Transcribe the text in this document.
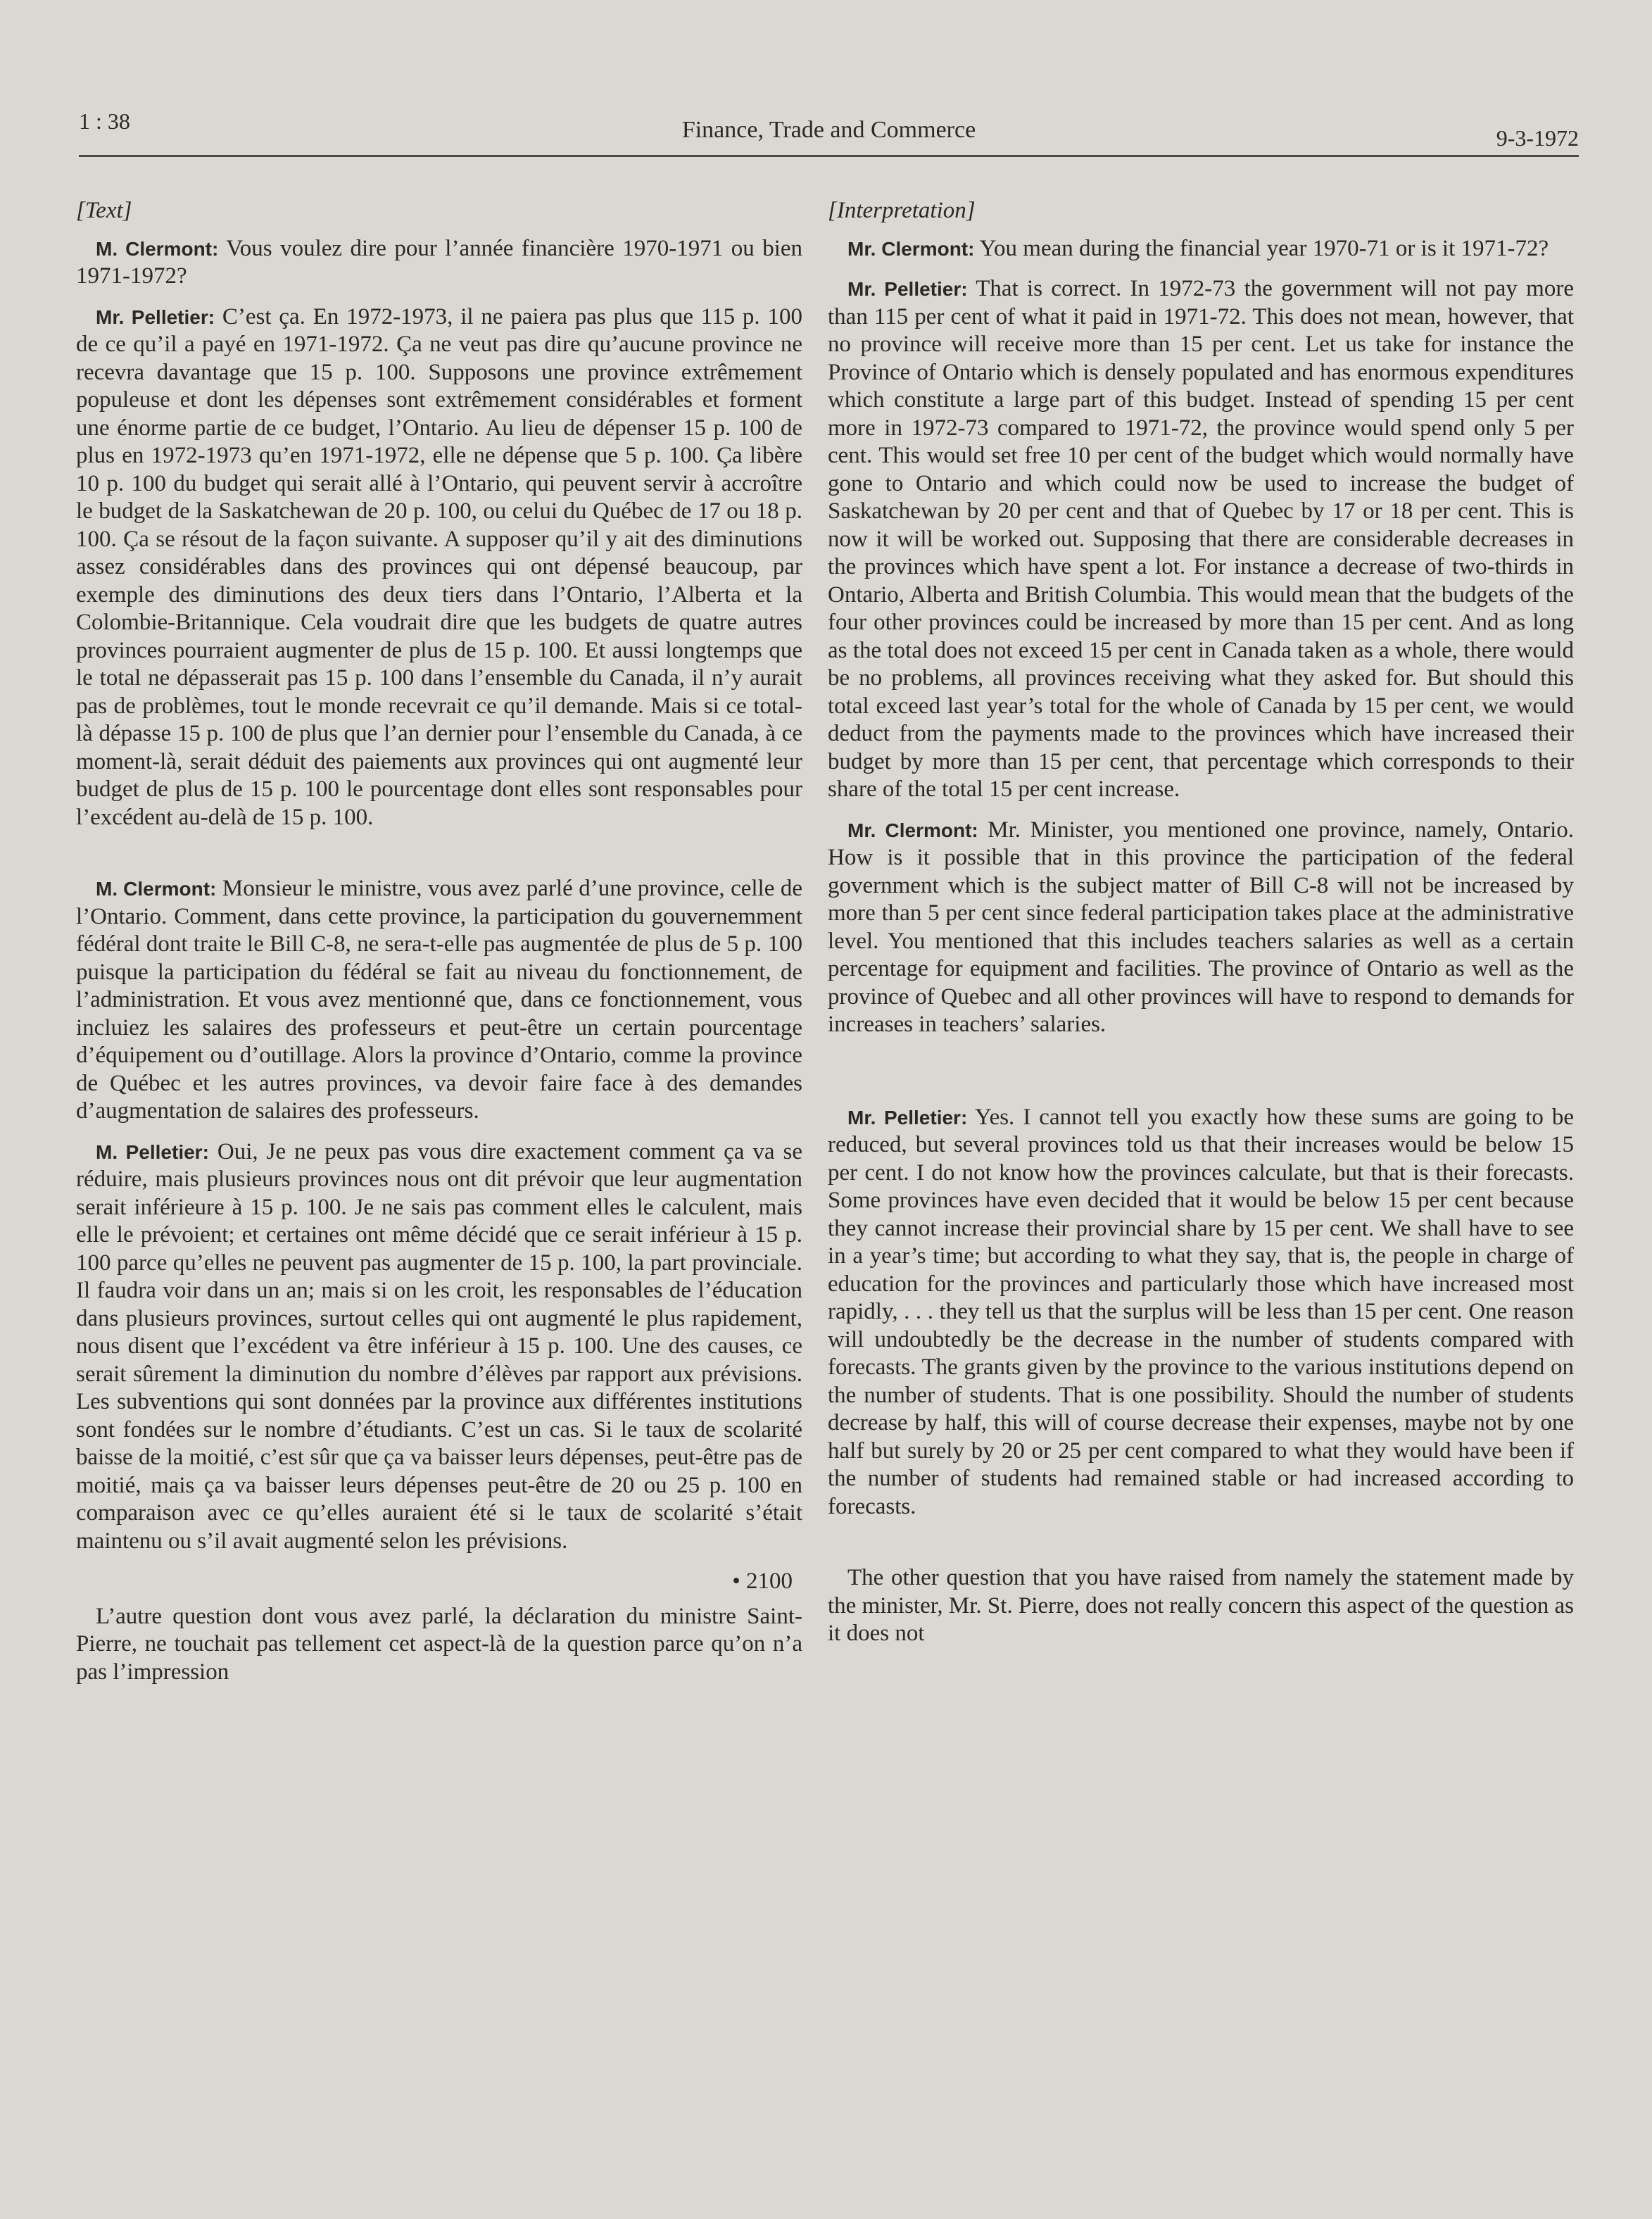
1 : 38	Finance, Trade and Commerce	9-3-1972
[Text]

M. Clermont: Vous voulez dire pour l’année financière 1970-1971 ou bien 1971-1972?

Mr. Pelletier: C’est ça. En 1972-1973, il ne paiera pas plus que 115 p. 100 de ce qu’il a payé en 1971-1972. Ça ne veut pas dire qu’aucune province ne recevra davantage que 15 p. 100. Supposons une province extrêmement populeuse et dont les dépenses sont extrêmement considérables et forment une énorme partie de ce budget, l’Ontario. Au lieu de dépenser 15 p. 100 de plus en 1972-1973 qu’en 1971-1972, elle ne dépense que 5 p. 100. Ça libère 10 p. 100 du budget qui serait allé à l’Ontario, qui peuvent servir à accroître le budget de la Saskatchewan de 20 p. 100, ou celui du Québec de 17 ou 18 p. 100. Ça se résout de la façon suivante. A supposer qu’il y ait des diminutions assez considérables dans des provinces qui ont dépensé beaucoup, par exemple des diminutions des deux tiers dans l’Ontario, l’Alberta et la Colombie-Britannique. Cela voudrait dire que les budgets de quatre autres provinces pourraient augmenter de plus de 15 p. 100. Et aussi longtemps que le total ne dépasserait pas 15 p. 100 dans l’ensemble du Canada, il n’y aurait pas de problèmes, tout le monde recevrait ce qu’il demande. Mais si ce total-là dépasse 15 p. 100 de plus que l’an dernier pour l’ensemble du Canada, à ce moment-là, serait déduit des paiements aux provinces qui ont augmenté leur budget de plus de 15 p. 100 le pourcentage dont elles sont responsables pour l’excédent au-delà de 15 p. 100.

M. Clermont: Monsieur le ministre, vous avez parlé d’une province, celle de l’Ontario. Comment, dans cette province, la participation du gouvernemment fédéral dont traite le Bill C-8, ne sera-t-elle pas augmentée de plus de 5 p. 100 puisque la participation du fédéral se fait au niveau du fonctionnement, de l’administration. Et vous avez mentionné que, dans ce fonctionnement, vous incluiez les salaires des professeurs et peut-être un certain pourcentage d’équipement ou d’outillage. Alors la province d’Ontario, comme la province de Québec et les autres provinces, va devoir faire face à des demandes d’augmentation de salaires des professeurs.

M. Pelletier: Oui, Je ne peux pas vous dire exactement comment ça va se réduire, mais plusieurs provinces nous ont dit prévoir que leur augmentation serait inférieure à 15 p. 100. Je ne sais pas comment elles le calculent, mais elle le prévoient; et certaines ont même décidé que ce serait inférieur à 15 p. 100 parce qu’elles ne peuvent pas augmenter de 15 p. 100, la part provinciale. Il faudra voir dans un an; mais si on les croit, les responsables de l’éducation dans plusieurs provinces, surtout celles qui ont augmenté le plus rapidement, nous disent que l’excédent va être inférieur à 15 p. 100. Une des causes, ce serait sûrement la diminution du nombre d’élèves par rapport aux prévisions. Les subventions qui sont données par la province aux différentes institutions sont fondées sur le nombre d’étudiants. C’est un cas. Si le taux de scolarité baisse de la moitié, c’est sûr que ça va baisser leurs dépenses, peut-être pas de moitié, mais ça va baisser leurs dépenses peut-être de 20 ou 25 p. 100 en comparaison avec ce qu’elles auraient été si le taux de scolarité s’était maintenu ou s’il avait augmenté selon les prévisions.

• 2100

L’autre question dont vous avez parlé, la déclaration du ministre Saint-Pierre, ne touchait pas tellement cet aspect-là de la question parce qu’on n’a pas l’impression

[Interpretation]

Mr. Clermont: You mean during the financial year 1970-71 or is it 1971-72?

Mr. Pelletier: That is correct. In 1972-73 the government will not pay more than 115 per cent of what it paid in 1971-72. This does not mean, however, that no province will receive more than 15 per cent. Let us take for instance the Province of Ontario which is densely populated and has enormous expenditures which constitute a large part of this budget. Instead of spending 15 per cent more in 1972-73 compared to 1971-72, the province would spend only 5 per cent. This would set free 10 per cent of the budget which would normally have gone to Ontario and which could now be used to increase the budget of Saskatchewan by 20 per cent and that of Quebec by 17 or 18 per cent. This is now it will be worked out. Supposing that there are considerable decreases in the provinces which have spent a lot. For instance a decrease of two-thirds in Ontario, Alberta and British Columbia. This would mean that the budgets of the four other provinces could be increased by more than 15 per cent. And as long as the total does not exceed 15 per cent in Canada taken as a whole, there would be no problems, all provinces receiving what they asked for. But should this total exceed last year’s total for the whole of Canada by 15 per cent, we would deduct from the payments made to the provinces which have increased their budget by more than 15 per cent, that percentage which corresponds to their share of the total 15 per cent increase.

Mr. Clermont: Mr. Minister, you mentioned one province, namely, Ontario. How is it possible that in this province the participation of the federal government which is the subject matter of Bill C-8 will not be increased by more than 5 per cent since federal participation takes place at the administrative level. You mentioned that this includes teachers salaries as well as a certain percentage for equipment and facilities. The province of Ontario as well as the province of Quebec and all other provinces will have to respond to demands for increases in teachers’ salaries.

Mr. Pelletier: Yes. I cannot tell you exactly how these sums are going to be reduced, but several provinces told us that their increases would be below 15 per cent. I do not know how the provinces calculate, but that is their forecasts. Some provinces have even decided that it would be below 15 per cent because they cannot increase their provincial share by 15 per cent. We shall have to see in a year’s time; but according to what they say, that is, the people in charge of education for the provinces and particularly those which have increased most rapidly, . . . they tell us that the surplus will be less than 15 per cent. One reason will undoubtedly be the decrease in the number of students compared with forecasts. The grants given by the province to the various institutions depend on the number of students. That is one possibility. Should the number of students decrease by half, this will of course decrease their expenses, maybe not by one half but surely by 20 or 25 per cent compared to what they would have been if the number of students had remained stable or had increased according to forecasts.

The other question that you have raised from namely the statement made by the minister, Mr. St. Pierre, does not really concern this aspect of the question as it does not
